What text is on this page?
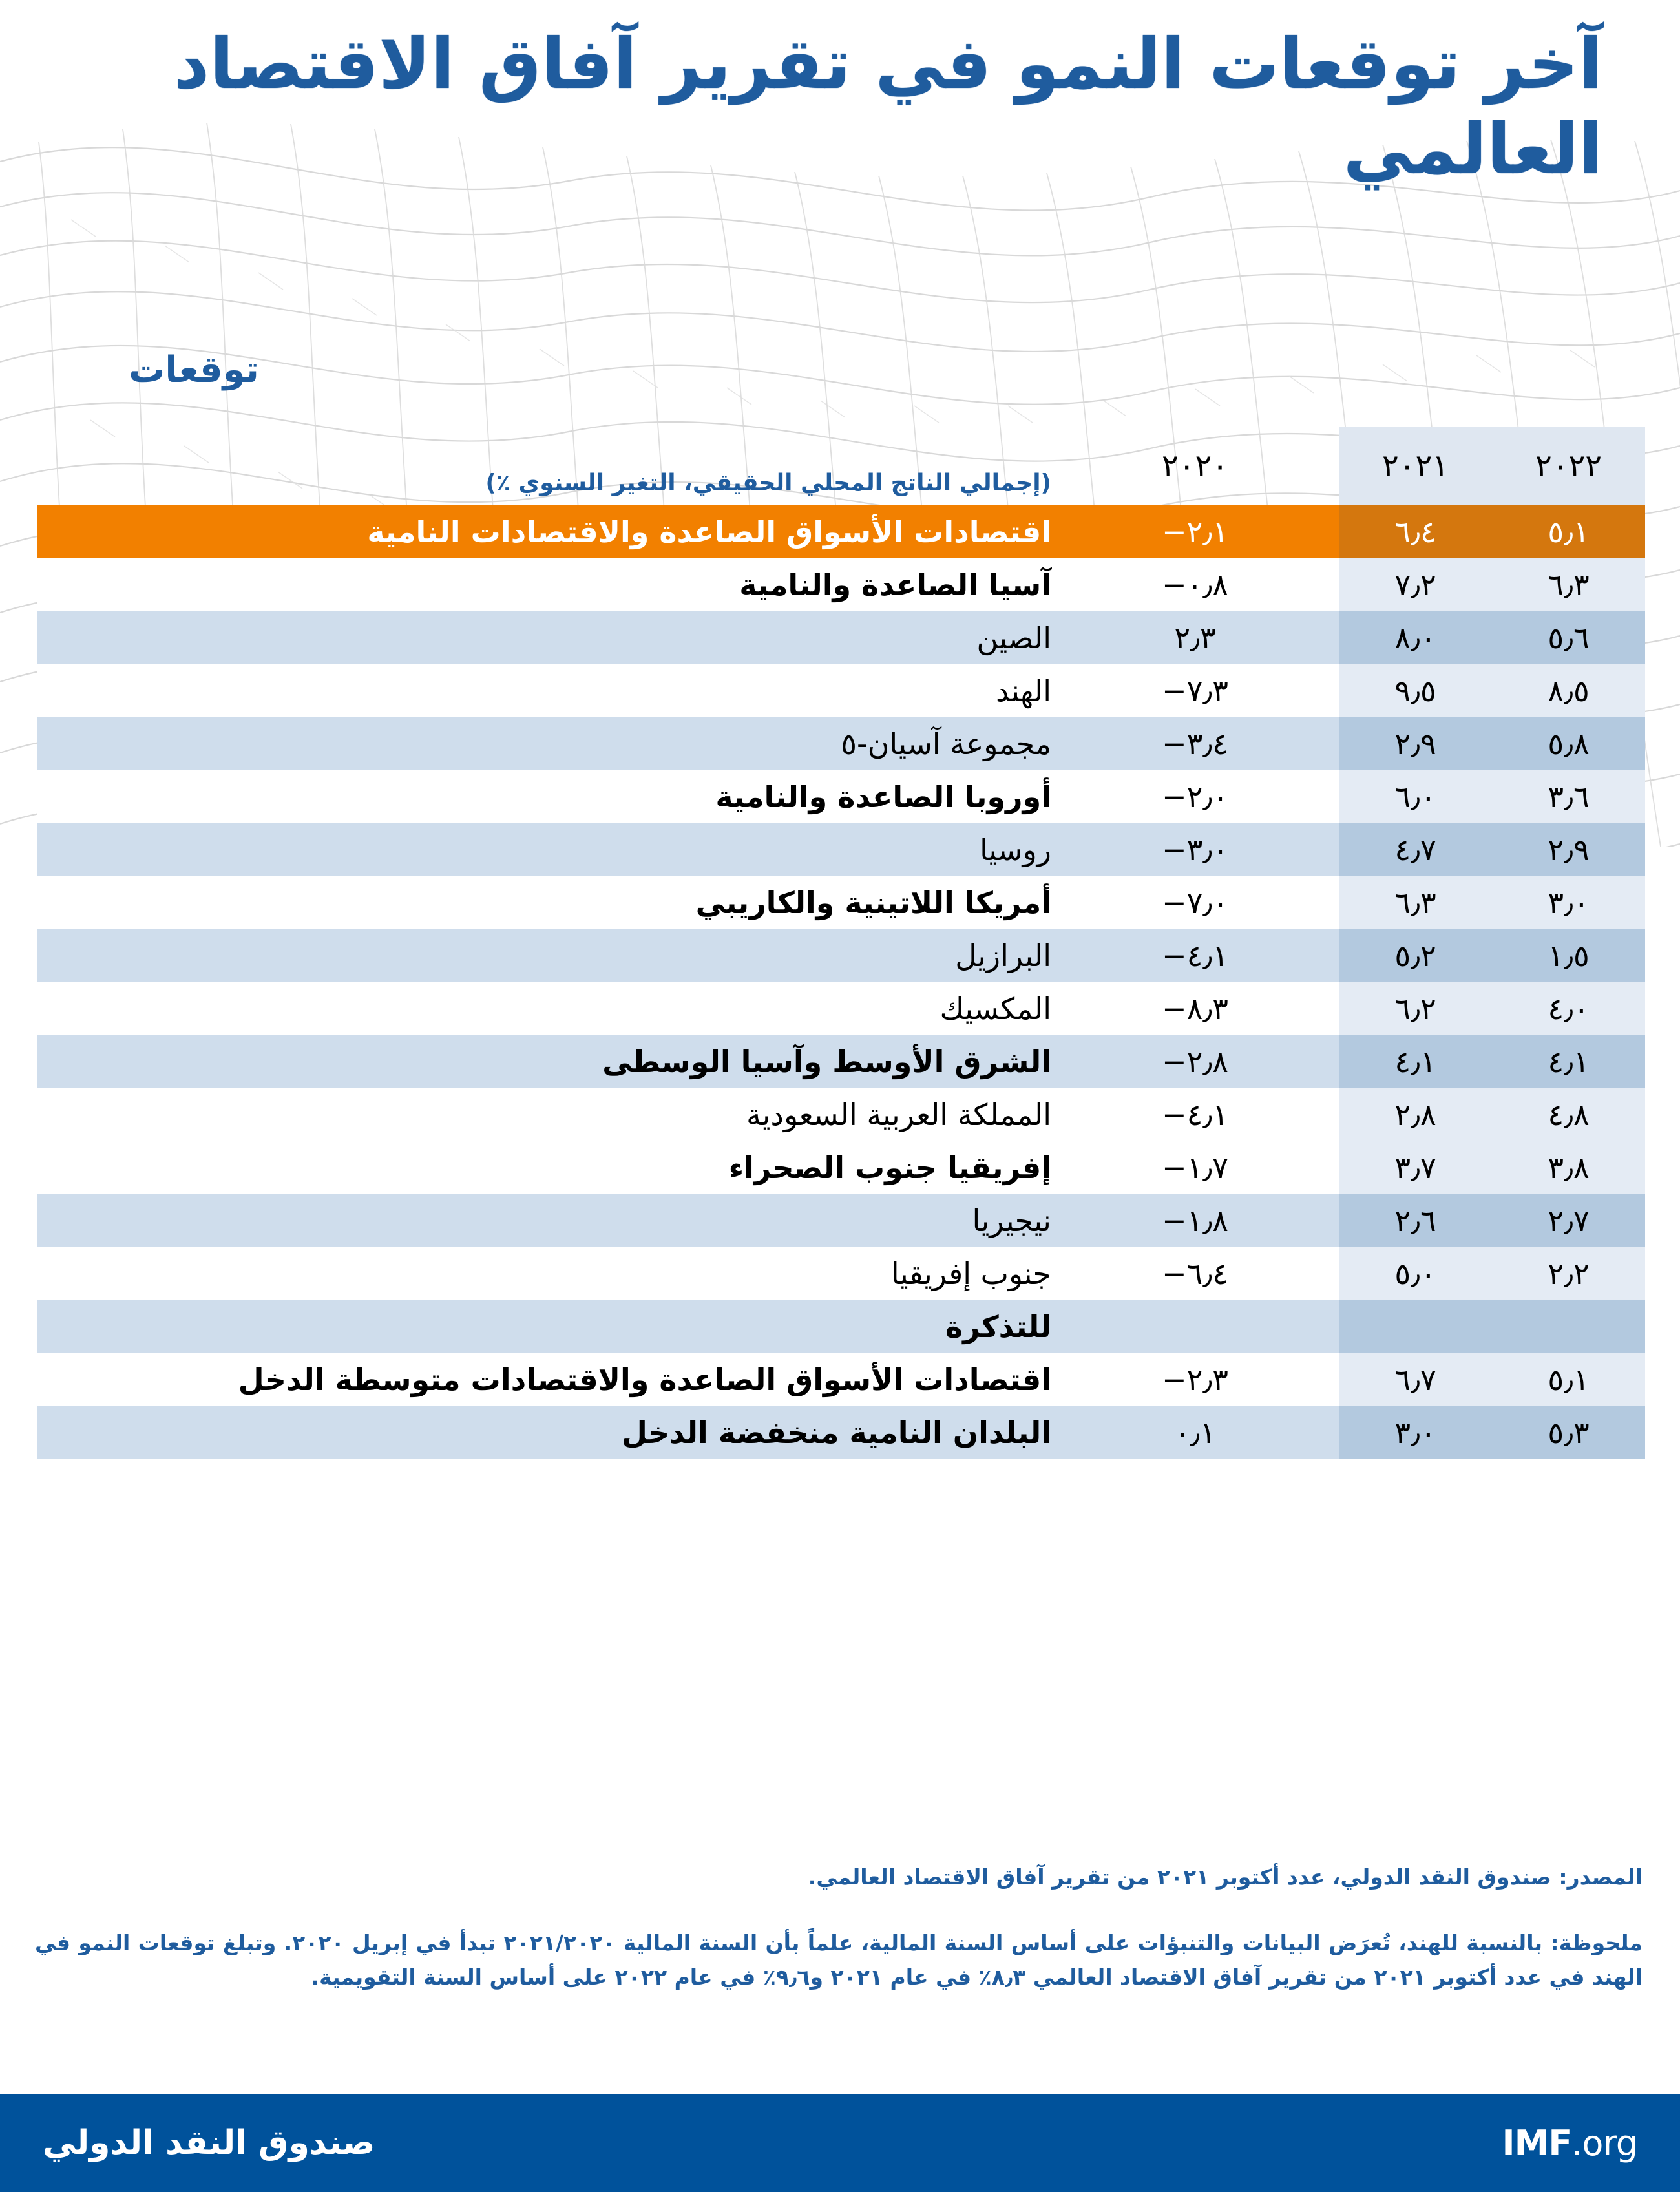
آخر توقعات النمو في تقرير آفاق الاقتصاد العالمي
توقعات
٢٠٢٢	٢٠٢١	٢٠٢٠	(إجمالي الناتج المحلي الحقيقي، التغير السنوي ٪)
٥٫١	٦٫٤	٢٫١−	اقتصادات الأسواق الصاعدة والاقتصادات النامية
٦٫٣	٧٫٢	٠٫٨−	آسيا الصاعدة والنامية
٥٫٦	٨٫٠	٢٫٣	الصين
٨٫٥	٩٫٥	٧٫٣−	الهند
٥٫٨	٢٫٩	٣٫٤−	مجموعة آسيان-٥
٣٫٦	٦٫٠	٢٫٠−	أوروبا الصاعدة والنامية
٢٫٩	٤٫٧	٣٫٠−	روسيا
٣٫٠	٦٫٣	٧٫٠−	أمريكا اللاتينية والكاريبي
١٫٥	٥٫٢	٤٫١−	البرازيل
٤٫٠	٦٫٢	٨٫٣−	المكسيك
٤٫١	٤٫١	٢٫٨−	الشرق الأوسط وآسيا الوسطى
٤٫٨	٢٫٨	٤٫١−	المملكة العربية السعودية
٣٫٨	٣٫٧	١٫٧−	إفريقيا جنوب الصحراء
٢٫٧	٢٫٦	١٫٨−	نيجيريا
٢٫٢	٥٫٠	٦٫٤−	جنوب إفريقيا
			للتذكرة
٥٫١	٦٫٧	٢٫٣−	اقتصادات الأسواق الصاعدة والاقتصادات متوسطة الدخل
٥٫٣	٣٫٠	٠٫١	البلدان النامية منخفضة الدخل
المصدر: صندوق النقد الدولي، عدد أكتوبر ٢٠٢١ من تقرير آفاق الاقتصاد العالمي.
ملحوظة: بالنسبة للهند، تُعرَض البيانات والتنبؤات على أساس السنة المالية، علماً بأن السنة المالية ٢٠٢١/٢٠٢٠ تبدأ في إبريل ٢٠٢٠. وتبلغ توقعات النمو في الهند في عدد أكتوبر ٢٠٢١ من تقرير آفاق الاقتصاد العالمي ٨٫٣٪ في عام ٢٠٢١ و٩٫٦٪ في عام ٢٠٢٢ على أساس السنة التقويمية.
IMF.org
صندوق النقد الدولي
